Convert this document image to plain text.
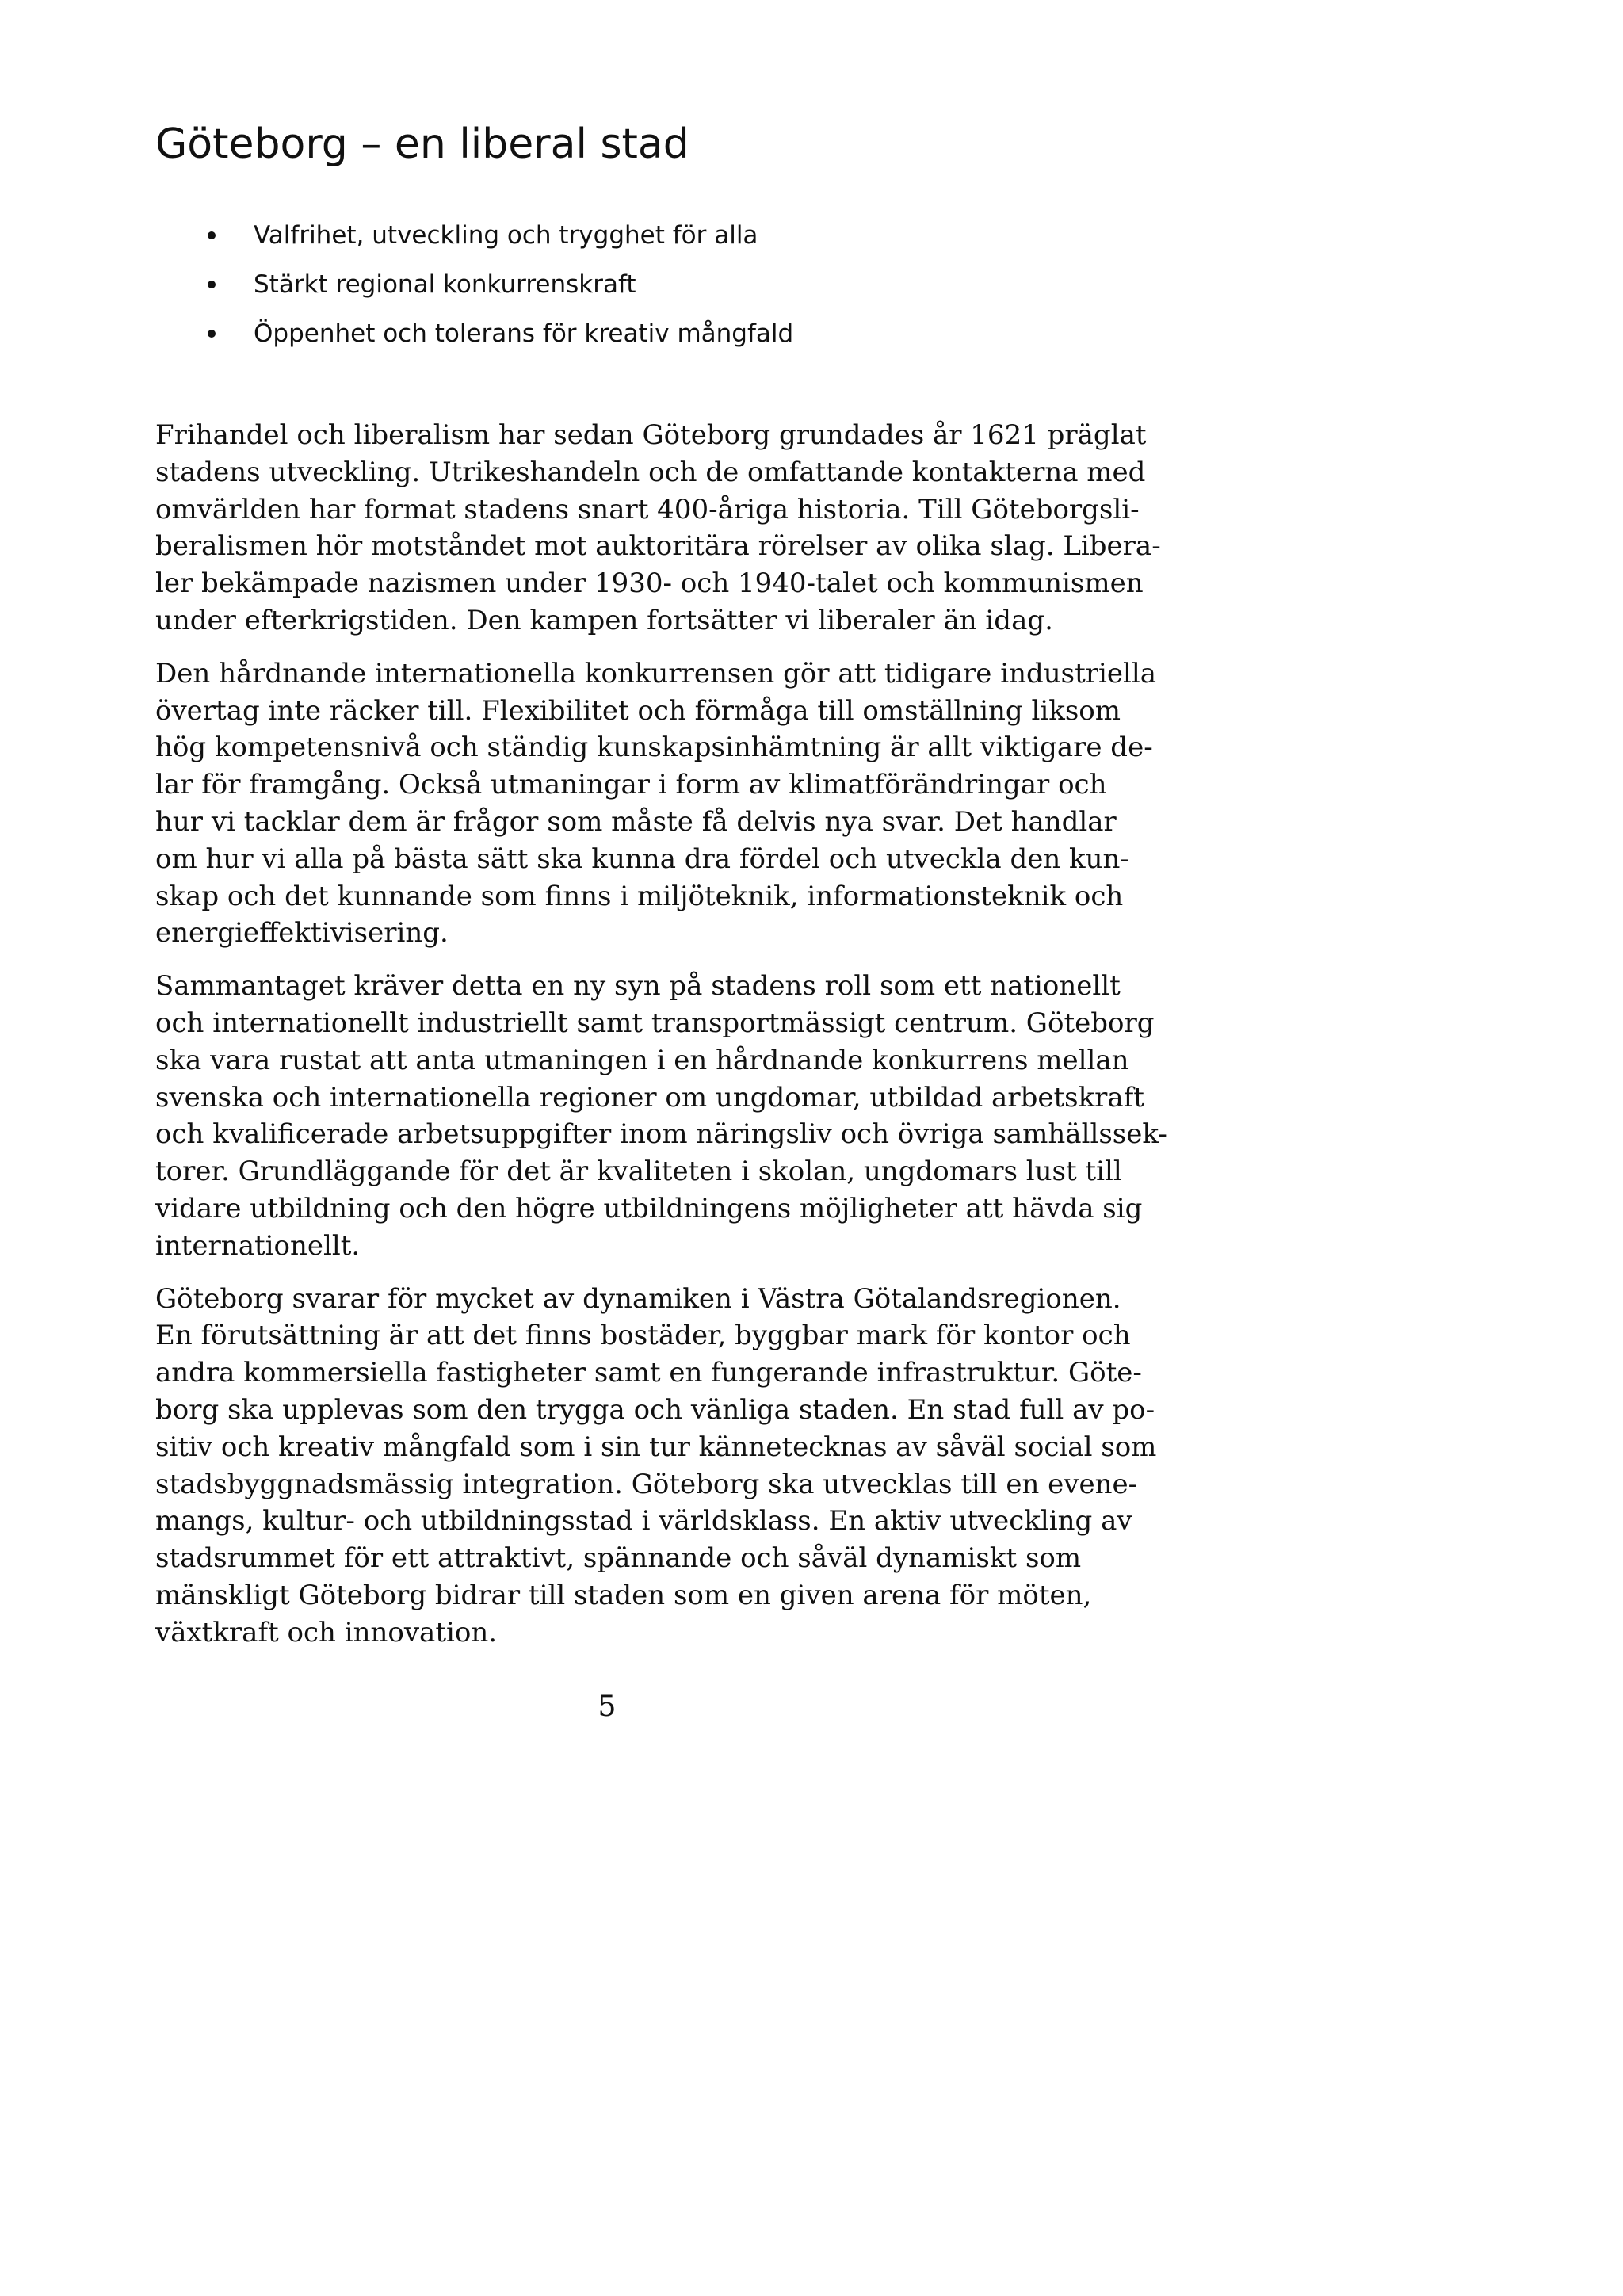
Göteborg – en liberal stad
Valfrihet, utveckling och trygghet för alla
Stärkt regional konkurrenskraft
Öppenhet och tolerans för kreativ mångfald

Frihandel och liberalism har sedan Göteborg grundades år 1621 präglat
stadens utveckling. Utrikeshandeln och de omfattande kontakterna med
omvärlden har format stadens snart 400-åriga historia. Till Göteborgsli-
beralismen hör motståndet mot auktoritära rörelser av olika slag. Libera-
ler bekämpade nazismen under 1930- och 1940-talet och kommunismen
under efterkrigstiden. Den kampen fortsätter vi liberaler än idag.

Den hårdnande internationella konkurrensen gör att tidigare industriella
övertag inte räcker till. Flexibilitet och förmåga till omställning liksom
hög kompetensnivå och ständig kunskapsinhämtning är allt viktigare de-
lar för framgång. Också utmaningar i form av klimatförändringar och
hur vi tacklar dem är frågor som måste få delvis nya svar. Det handlar
om hur vi alla på bästa sätt ska kunna dra fördel och utveckla den kun-
skap och det kunnande som finns i miljöteknik, informationsteknik och
energieffektivisering.

Sammantaget kräver detta en ny syn på stadens roll som ett nationellt
och internationellt industriellt samt transportmässigt centrum. Göteborg
ska vara rustat att anta utmaningen i en hårdnande konkurrens mellan
svenska och internationella regioner om ungdomar, utbildad arbetskraft
och kvalificerade arbetsuppgifter inom näringsliv och övriga samhällssek-
torer. Grundläggande för det är kvaliteten i skolan, ungdomars lust till
vidare utbildning och den högre utbildningens möjligheter att hävda sig
internationellt.

Göteborg svarar för mycket av dynamiken i Västra Götalandsregionen.
En förutsättning är att det finns bostäder, byggbar mark för kontor och
andra kommersiella fastigheter samt en fungerande infrastruktur. Göte-
borg ska upplevas som den trygga och vänliga staden. En stad full av po-
sitiv och kreativ mångfald som i sin tur kännetecknas av såväl social som
stadsbyggnadsmässig integration. Göteborg ska utvecklas till en evene-
mangs, kultur- och utbildningsstad i världsklass. En aktiv utveckling av
stadsrummet för ett attraktivt, spännande och såväl dynamiskt som
mänskligt Göteborg bidrar till staden som en given arena för möten,
växtkraft och innovation.

5
